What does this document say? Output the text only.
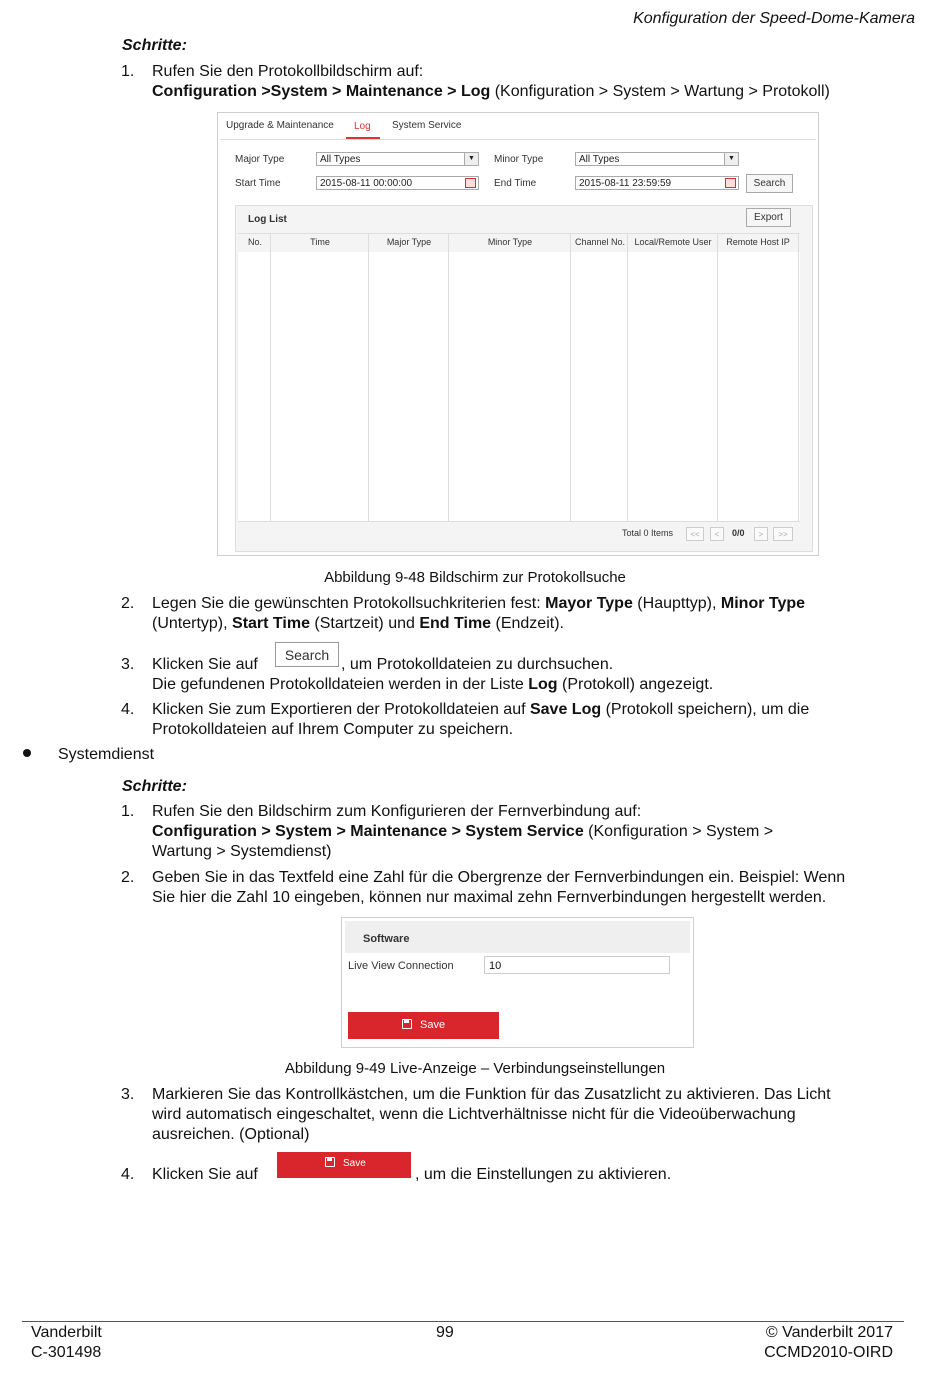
Konfiguration der Speed-Dome-Kamera
Schritte:
1. Rufen Sie den Protokollbildschirm auf:
Configuration >System > Maintenance > Log (Konfiguration > System > Wartung > Protokoll)
Upgrade & Maintenance Log System Service
Major Type	All Types	▼	Minor Type	All Types	▼
Start Time	2015-08-11 00:00:00	End Time	2015-08-11 23:59:59	Search
Log List	Export
No.	Time	Major Type	Minor Type	Channel No.	Local/Remote User	Remote Host IP
Total 0 Items	<<	<	0/0	>	>>
Abbildung 9-48 Bildschirm zur Protokollsuche
2. Legen Sie die gewünschten Protokollsuchkriterien fest: Mayor Type (Haupttyp), Minor Type
(Untertyp), Start Time (Startzeit) und End Time (Endzeit).
3. Klicken Sie auf
Search
, um Protokolldateien zu durchsuchen.
Die gefundenen Protokolldateien werden in der Liste Log (Protokoll) angezeigt.
4. Klicken Sie zum Exportieren der Protokolldateien auf Save Log (Protokoll speichern), um die
Protokolldateien auf Ihrem Computer zu speichern.
Systemdienst
Schritte:
1. Rufen Sie den Bildschirm zum Konfigurieren der Fernverbindung auf:
Configuration > System > Maintenance > System Service (Konfiguration > System >
Wartung > Systemdienst)
2. Geben Sie in das Textfeld eine Zahl für die Obergrenze der Fernverbindungen ein. Beispiel: Wenn
Sie hier die Zahl 10 eingeben, können nur maximal zehn Fernverbindungen hergestellt werden.
Software
Live View Connection	10
Save
Abbildung 9-49 Live-Anzeige – Verbindungseinstellungen
3. Markieren Sie das Kontrollkästchen, um die Funktion für das Zusatzlicht zu aktivieren. Das Licht
wird automatisch eingeschaltet, wenn die Lichtverhältnisse nicht für die Videoüberwachung
ausreichen. (Optional)
4. Klicken Sie auf
Save
, um die Einstellungen zu aktivieren.
Vanderbilt
C-301498
99	© Vanderbilt 2017
CCMD2010-OIRD
